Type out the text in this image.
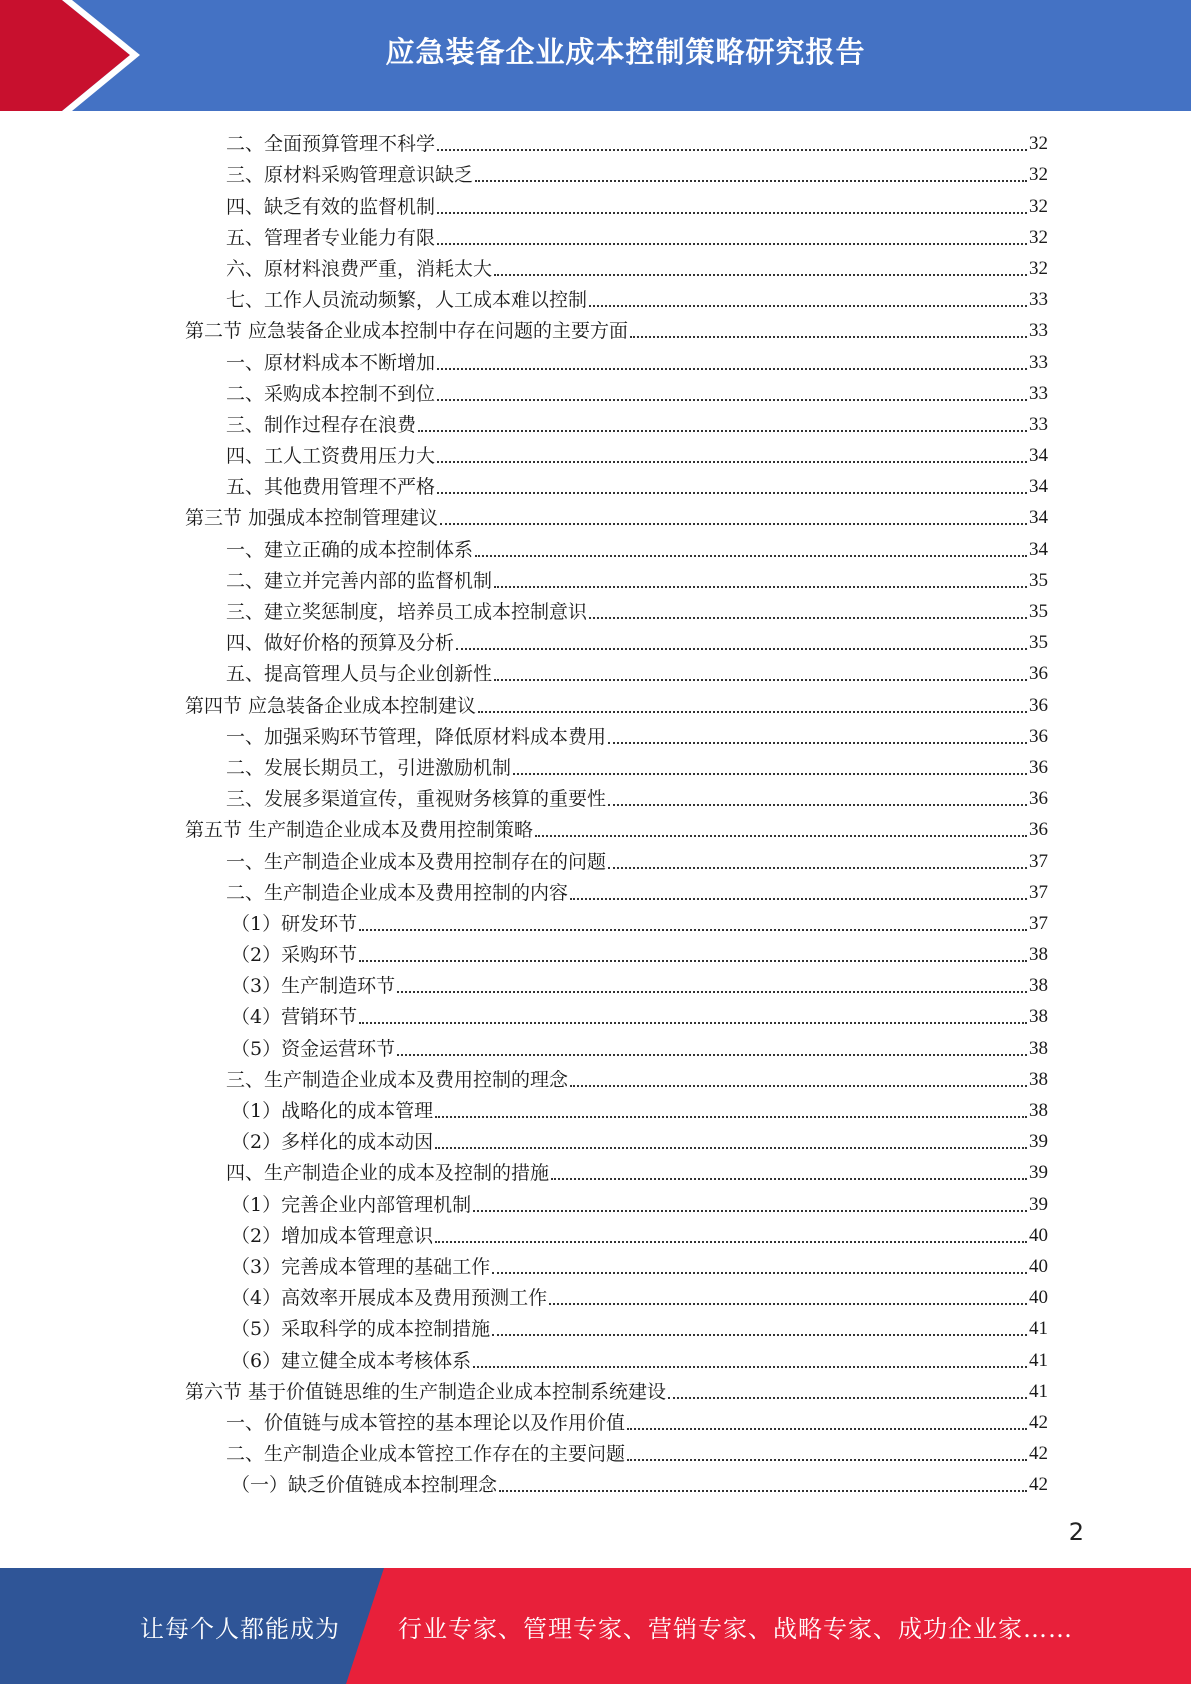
应急装备企业成本控制策略研究报告
二、全面预算管理不科学	32
三、原材料采购管理意识缺乏	32
四、缺乏有效的监督机制	32
五、管理者专业能力有限	32
六、原材料浪费严重，消耗太大	32
七、工作人员流动频繁，人工成本难以控制	33
第二节 应急装备企业成本控制中存在问题的主要方面	33
一、原材料成本不断增加	33
二、采购成本控制不到位	33
三、制作过程存在浪费	33
四、工人工资费用压力大	34
五、其他费用管理不严格	34
第三节 加强成本控制管理建议	34
一、建立正确的成本控制体系	34
二、建立并完善内部的监督机制	35
三、建立奖惩制度，培养员工成本控制意识	35
四、做好价格的预算及分析	35
五、提高管理人员与企业创新性	36
第四节 应急装备企业成本控制建议	36
一、加强采购环节管理，降低原材料成本费用	36
二、发展长期员工，引进激励机制	36
三、发展多渠道宣传，重视财务核算的重要性	36
第五节 生产制造企业成本及费用控制策略	36
一、生产制造企业成本及费用控制存在的问题	37
二、生产制造企业成本及费用控制的内容	37
（1）研发环节	37
（2）采购环节	38
（3）生产制造环节	38
（4）营销环节	38
（5）资金运营环节	38
三、生产制造企业成本及费用控制的理念	38
（1）战略化的成本管理	38
（2）多样化的成本动因	39
四、生产制造企业的成本及控制的措施	39
（1）完善企业内部管理机制	39
（2）增加成本管理意识	40
（3）完善成本管理的基础工作	40
（4）高效率开展成本及费用预测工作	40
（5）采取科学的成本控制措施	41
（6）建立健全成本考核体系	41
第六节 基于价值链思维的生产制造企业成本控制系统建设	41
一、价值链与成本管控的基本理论以及作用价值	42
二、生产制造企业成本管控工作存在的主要问题	42
（一）缺乏价值链成本控制理念	42
2
让每个人都能成为 行业专家、管理专家、营销专家、战略专家、成功企业家……
